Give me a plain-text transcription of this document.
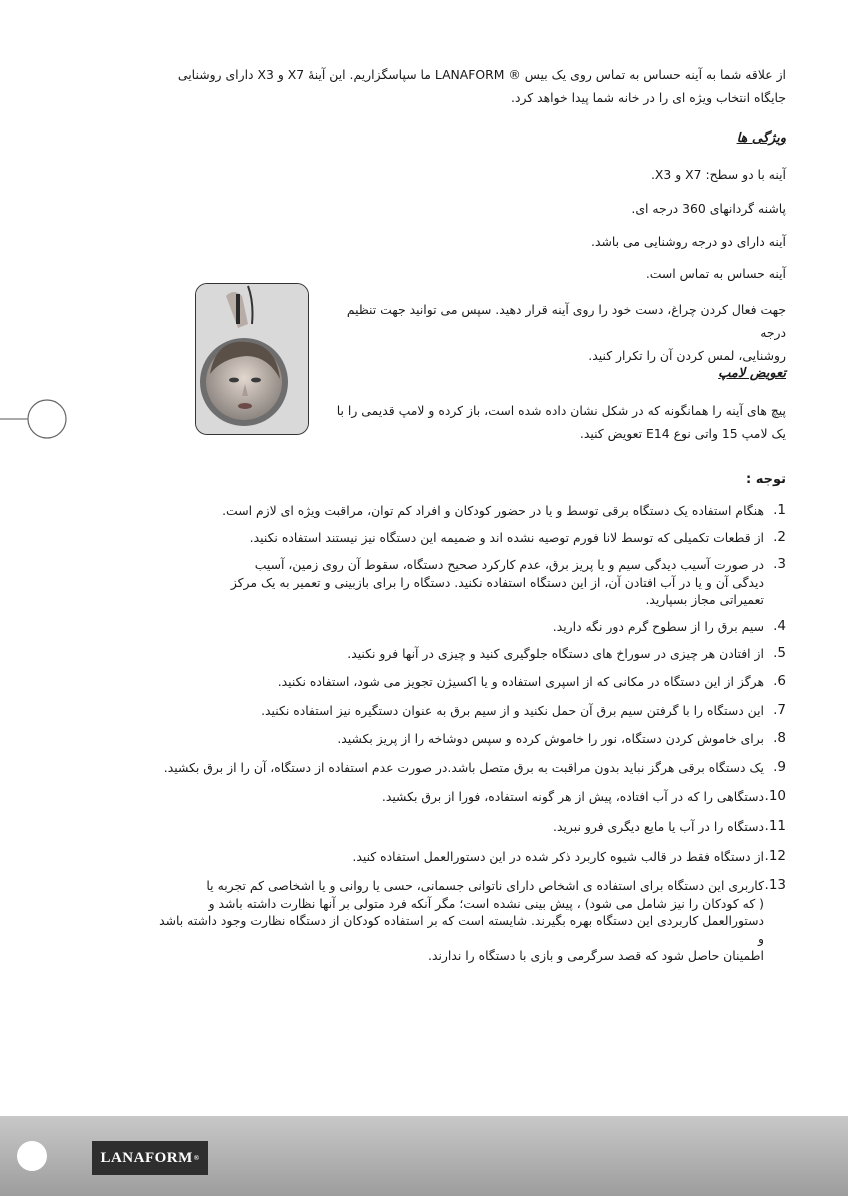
از علاقه شما به آینه حساس به تماس روی یک بیس ® LANAFORM ما سپاسگزاریم. این آینهٔ X7 و X3 دارای روشنایی
جایگاه انتخاب ویژه ای را در خانه شما پیدا خواهد کرد.
ویژگی ها
آینه با دو سطح: X7 و X3.
پاشنه گردانهای 360 درجه ای.
آینه دارای دو درجه روشنایی می باشد.
آینه حساس به تماس است.
جهت فعال کردن چراغ، دست خود را روی آینه قرار دهید. سپس می توانید جهت تنظیم درجه
روشنایی، لمس کردن آن را تکرار کنید.
تعویض لامپ
پیچ های آینه را همانگونه که در شکل نشان داده شده است، باز کرده و لامپ قدیمی را با
یک لامپ 15 واتی نوع E14 تعویض کنید.
توجه :
1.
هنگام استفاده یک دستگاه برقی توسط و یا در حضور کودکان و افراد کم توان، مراقبت ویژه ای لازم است.
2.
از قطعات تکمیلی که توسط لانا فورم توصیه نشده اند و ضمیمه این دستگاه نیز نیستند استفاده نکنید.
3.
در صورت آسیب دیدگی سیم و یا پریز برق، عدم کارکرد صحیح دستگاه، سقوط آن روی زمین، آسیب
دیدگی آن و یا در آب افتادن آن، از این دستگاه استفاده نکنید. دستگاه را برای بازبینی و تعمیر به یک مرکز
تعمیراتی مجاز بسپارید.
4.
سیم برق را از سطوح گرم دور نگه دارید.
5.
از افتادن هر چیزی در سوراخ های دستگاه جلوگیری کنید و چیزی در آنها فرو نکنید.
6.
هرگز از این دستگاه در مکانی که از اسپری استفاده و یا اکسیژن تجویز می شود، استفاده نکنید.
7.
این دستگاه را با گرفتن سیم برق آن حمل نکنید و از سیم برق به عنوان دستگیره نیز استفاده نکنید.
8.
برای خاموش کردن دستگاه، نور را خاموش کرده و سپس دوشاخه را از پریز بکشید.
9.
یک دستگاه برقی هرگز نباید بدون مراقبت به برق متصل باشد.در صورت عدم استفاده از دستگاه، آن را از برق بکشید.
10.
دستگاهی را که در آب افتاده، پیش از هر گونه استفاده، فورا از برق بکشید.
11.
دستگاه را در آب یا مایع دیگری فرو نبرید.
12.
از دستگاه فقط در قالب شیوه کاربرد ذکر شده در این دستورالعمل استفاده کنید.
13.
کاربری این دستگاه برای استفاده ی اشخاص دارای ناتوانی جسمانی، حسی یا روانی و یا اشخاصی کم تجربه یا
( که کودکان را نیز شامل می شود) ، پیش بینی نشده است؛ مگر آنکه فرد متولی بر آنها نظارت داشته باشد و
دستورالعمل کاربردی این دستگاه بهره بگیرند. شایسته است که بر استفاده کودکان از دستگاه نظارت وجود داشته باشد و
اطمینان حاصل شود که قصد سرگرمی و بازی با دستگاه را ندارند.
LANAFORM ®
